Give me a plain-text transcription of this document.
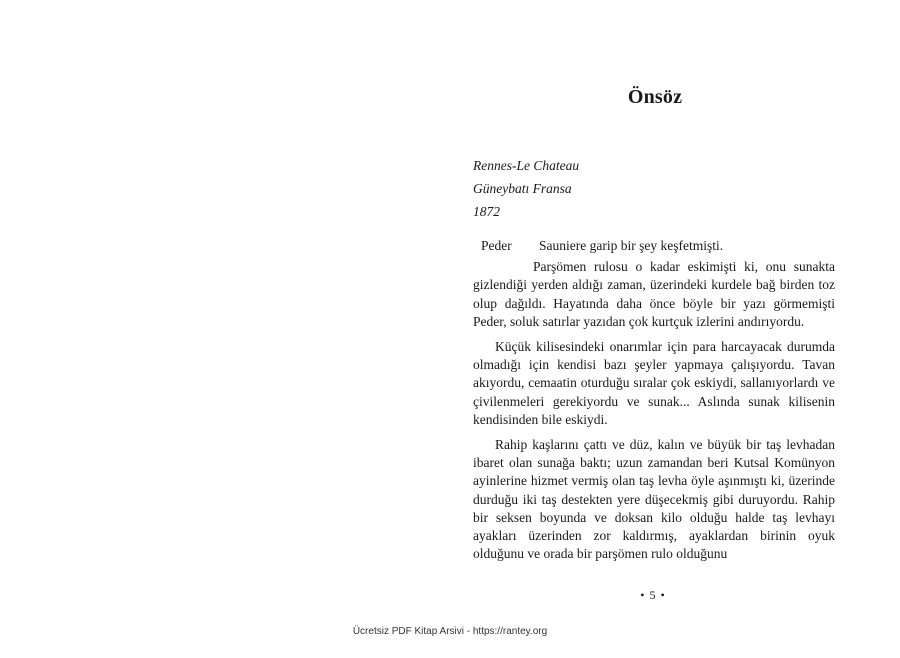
Önsöz
Rennes-Le Chateau
Güneybatı Fransa
1872

Peder Sauniere garip bir şey keşfetmişti.

Parşömen rulosu o kadar eskimişti ki, onu sunakta gizlendiği yerden aldığı zaman, üzerindeki kurdele bağ birden toz olup dağıldı. Hayatında daha önce böyle bir yazı görmemişti Peder, soluk satırlar yazıdan çok kurtçuk izlerini andırıyordu.

Küçük kilisesindeki onarımlar için para harcayacak durumda olmadığı için kendisi bazı şeyler yapmaya çalışıyordu. Tavan akıyordu, cemaatin oturduğu sıralar çok eskiydi, sallanıyorlardı ve çivilenmeleri gerekiyordu ve sunak... Aslında sunak kilisenin kendisinden bile eskiydi.

Rahip kaşlarını çattı ve düz, kalın ve büyük bir taş levhadan ibaret olan sunağa baktı; uzun zamandan beri Kutsal Komünyon ayinlerine hizmet vermiş olan taş levha öyle aşınmıştı ki, üzerinde durduğu iki taş destekten yere düşecekmiş gibi duruyordu. Rahip bir seksen boyunda ve doksan kilo olduğu halde taş levhayı ayakları üzerinden zor kaldırmış, ayaklardan birinin oyuk olduğunu ve orada bir parşömen rulo olduğunu

• 5 •
Ücretsiz PDF Kitap Arsivi - https://rantey.org
